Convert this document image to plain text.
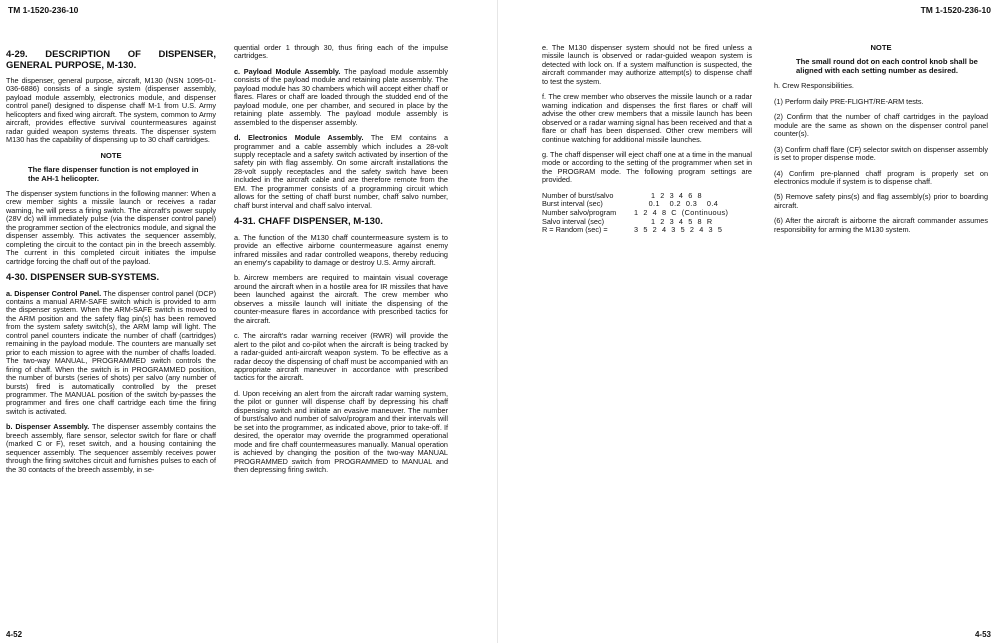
TM 1-1520-236-10
4-29. DESCRIPTION OF DISPENSER, GENERAL PURPOSE, M-130.

The dispenser, general purpose, aircraft, M130 (NSN 1095-01-036-6886) consists of a single system (dispenser assembly, payload module assembly, electronics module, and dispenser control panel) designed to dispense chaff M-1 from U.S. Army helicopters and fixed wing aircraft. The system, common to Army aircraft, provides effective survival countermeasures against radar guided weapon systems threats. The dispenser system M130 has the capability of dispensing up to 30 chaff cartridges.

NOTE
The flare dispenser function is not employed in the AH-1 helicopter.

The dispenser system functions in the following manner: When a crew member sights a missile launch or receives a radar warning, he will press a firing switch. The aircraft's power supply (28V dc) will immediately pulse (via the dispenser control panel) the programmer section of the electronics module, and signal the dispenser assembly. This activates the sequencer assembly, completing the circuit to the contact pin in the breech assembly. The current in this completed circuit initiates the impulse cartridge forcing the chaff out of the payload.

4-30. DISPENSER SUB-SYSTEMS.

a. Dispenser Control Panel. The dispenser control panel (DCP) contains a manual ARM-SAFE switch which is provided to arm the dispenser system. When the ARM-SAFE switch is moved to the ARM position and the safety flag pin(s) has been removed from the system safety switch(s), the ARM lamp will light. The control panel counters indicate the number of chaff (cartridges) remaining in the payload module. The counters are manually set prior to each mission to agree with the number of chaffs loaded. The two-way MANUAL, PROGRAMMED switch controls the firing of chaff. When the switch is in PROGRAMMED position, the number of bursts (series of shots) per salvo (any number of bursts) fired is automatically controlled by the preset programmer. The MANUAL position of the switch by-passes the programmer and fires one chaff cartridge each time the firing switch is activated.

b. Dispenser Assembly. The dispenser assembly contains the breech assembly, flare sensor, selector switch for flare or chaff (marked C or F), reset switch, and a housing containing the sequencer assembly. The sequencer assembly receives power through the firing switches circuit and furnishes pulses to each of the 30 contacts of the breech assembly, in se-

quential order 1 through 30, thus firing each of the impulse cartridges.

c. Payload Module Assembly. The payload module assembly consists of the payload module and retaining plate assembly. The payload module has 30 chambers which will accept either chaff or flares. Flares or chaff are loaded through the studded end of the payload module, one per chamber, and secured in place by the retaining plate assembly. The payload module assembly is assembled to the dispenser assembly.

d. Electronics Module Assembly. The EM contains a programmer and a cable assembly which includes a 28-volt supply receptacle and a safety switch activated by insertion of the safety pin with flag assembly. On some aircraft installations the 28-volt supply receptacles and the safety switch have been included in the aircraft cable and are therefore remote from the EM. The programmer consists of a programming circuit which allows for the setting of chaff burst number, chaff salvo number, chaff burst interval and chaff salvo interval.

4-31. CHAFF DISPENSER, M-130.

a. The function of the M130 chaff countermeasure system is to provide an effective airborne countermeasure against enemy infrared missiles and radar controlled weapons, thereby reducing an enemy's capability to damage or destroy U.S. Army aircraft.

b. Aircrew members are required to maintain visual coverage around the aircraft when in a hostile area for IR missiles that have been launched against the aircraft. The crew member who observes a missile launch will initiate the dispensing of the counter-measure flares in accordance with prescribed tactics for the aircraft.

c. The aircraft's radar warning receiver (RWR) will provide the alert to the pilot and co-pilot when the aircraft is being tracked by a radar-guided anti-aircraft weapon system. To be effective as a radar decoy the dispensing of chaff must be accompanied with an appropriate aircraft maneuver in accordance with prescribed tactics for the aircraft.

d. Upon receiving an alert from the aircraft radar warning system, the pilot or gunner will dispense chaff by depressing his chaff dispensing switch and initiate an evasive maneuver. The number of burst/salvo and number of salvo/program and their intervals will be set into the programmer, as indicated above, prior to take-off. If desired, the operator may override the programmed operational mode and fire chaff countermeasures manually. Manual operation is achieved by changing the position of the two-way MANUAL PROGRAMMED switch from PROGRAMMED to MANUAL and then depressing firing switch.

4-52
TM 1-1520-236-10

e. The M130 dispenser system should not be fired unless a missile launch is observed or radar-guided weapon system is detected with lock on. If a system malfunction is suspected, the aircraft commander may authorize attempt(s) to dispense chaff to test the system.

f. The crew member who observes the missile launch or a radar warning indication and dispenses the first flares or chaff will advise the other crew members that a missile launch has been observed or a radar warning signal has been received and that a flare or chaff has been dispensed. Other crew members will continue watching for additional missile launches.

g. The chaff dispenser will eject chaff one at a time in the manual mode or according to the setting of the programmer when set in the PROGRAM mode. The following program settings are provided.

Number of burst/salvo	1  2  3  4  6  8
Burst interval (sec)	0.1    0.2  0.3    0.4
Number salvo/program	1  2  4  8  C  (Continuous)
Salvo interval (sec)	1  2  3  4  5  8  R
R = Random (sec) =	3  5  2  4  3  5  2  4  3  5
NOTE
The small round dot on each control knob shall be aligned with each setting number as desired.

h. Crew Responsibilities.

(1) Perform daily PRE-FLIGHT/RE-ARM tests.

(2) Confirm that the number of chaff cartridges in the payload module are the same as shown on the dispenser control panel counter(s).

(3) Confirm chaff flare (CF) selector switch on dispenser assembly is set to proper dispense mode.

(4) Confirm pre-planned chaff program is properly set on electronics module if system is to dispense chaff.

(5) Remove safety pins(s) and flag assembly(s) prior to boarding aircraft.

(6) After the aircraft is airborne the aircraft commander assumes responsibility for arming the M130 system.

4-53
